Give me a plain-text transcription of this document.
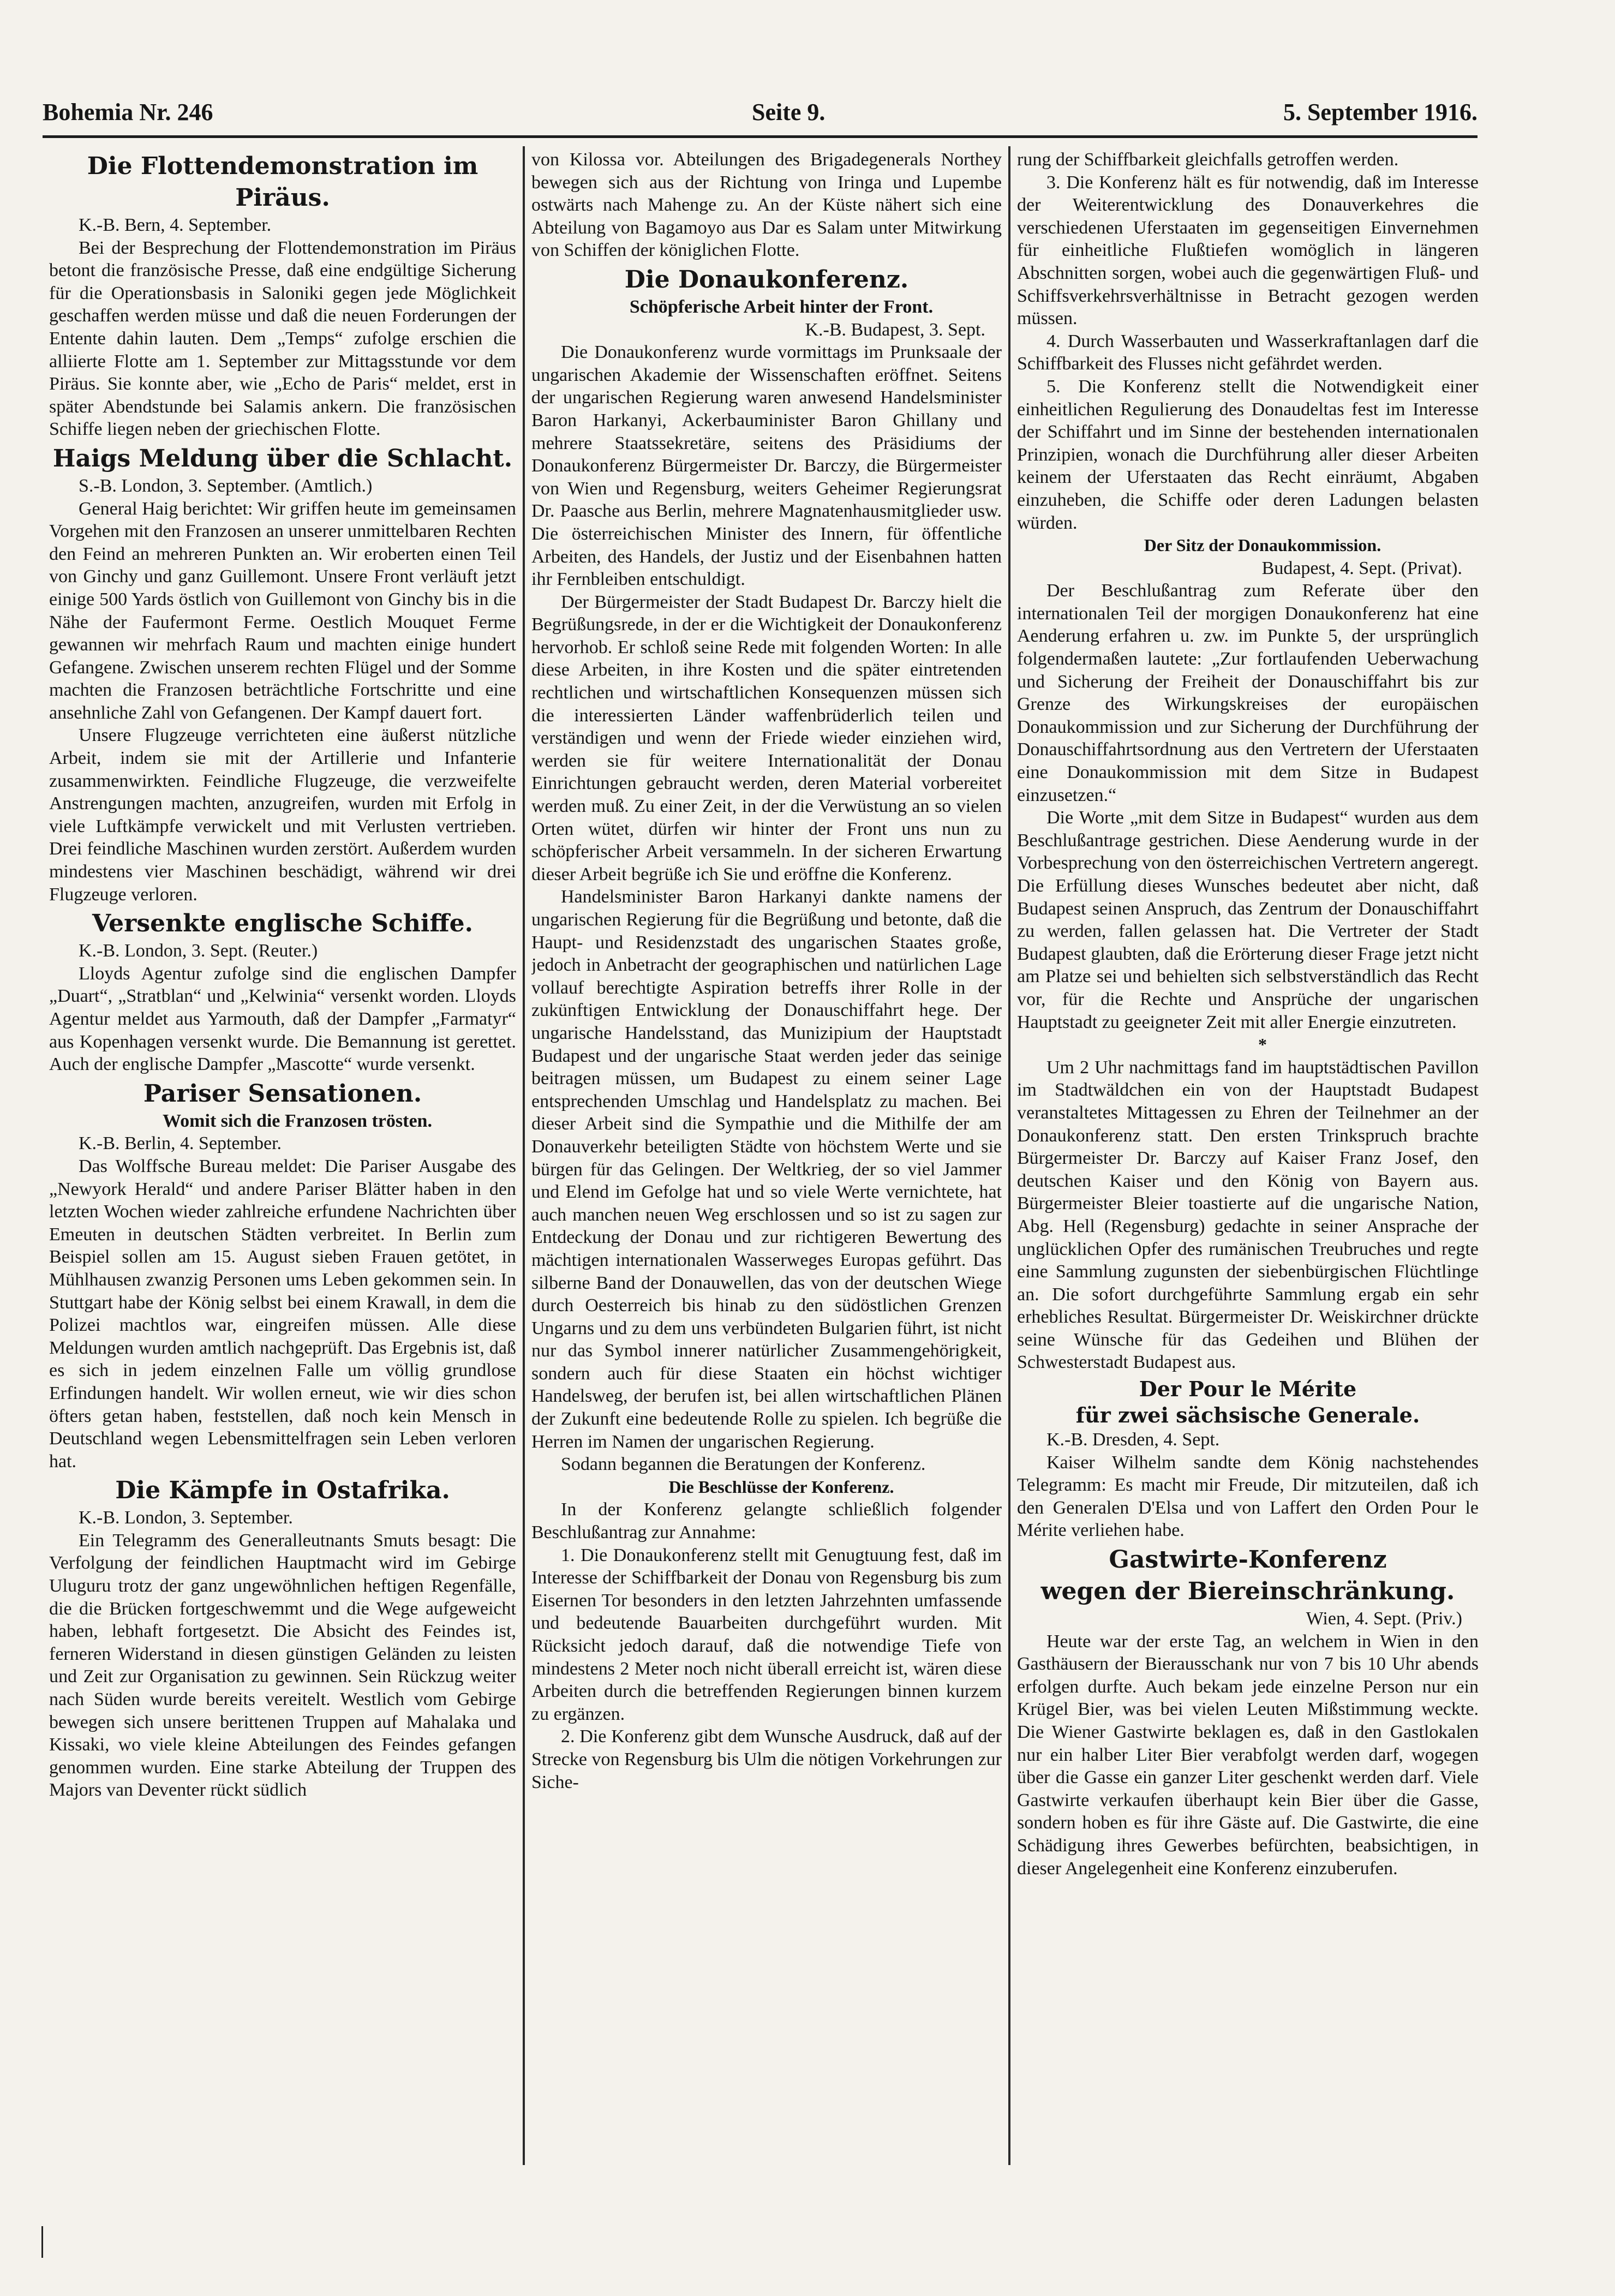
Bohemia Nr. 246	Seite 9.	5. September 1916.
Die Flottendemonstration im Piräus.

K.-B. Bern, 4. September.

Bei der Besprechung der Flottendemonstration im Piräus betont die französische Presse, daß eine endgültige Sicherung für die Operationsbasis in Saloniki gegen jede Möglichkeit geschaffen werden müsse und daß die neuen Forderungen der Entente dahin lauten. Dem „Temps“ zufolge erschien die alliierte Flotte am 1. September zur Mittagsstunde vor dem Piräus. Sie konnte aber, wie „Echo de Paris“ meldet, erst in später Abendstunde bei Salamis ankern. Die französischen Schiffe liegen neben der griechischen Flotte.

Haigs Meldung über die Schlacht.

S.-B. London, 3. September. (Amtlich.)

General Haig berichtet: Wir griffen heute im gemeinsamen Vorgehen mit den Franzosen an unserer unmittelbaren Rechten den Feind an mehreren Punkten an. Wir eroberten einen Teil von Ginchy und ganz Guillemont. Unsere Front verläuft jetzt einige 500 Yards östlich von Guillemont von Ginchy bis in die Nähe der Faufermont Ferme. Oestlich Mouquet Ferme gewannen wir mehrfach Raum und machten einige hundert Gefangene. Zwischen unserem rechten Flügel und der Somme machten die Franzosen beträchtliche Fortschritte und eine ansehnliche Zahl von Gefangenen. Der Kampf dauert fort.

Unsere Flugzeuge verrichteten eine äußerst nützliche Arbeit, indem sie mit der Artillerie und Infanterie zusammenwirkten. Feindliche Flugzeuge, die verzweifelte Anstrengungen machten, anzugreifen, wurden mit Erfolg in viele Luftkämpfe verwickelt und mit Verlusten vertrieben. Drei feindliche Maschinen wurden zerstört. Außerdem wurden mindestens vier Maschinen beschädigt, während wir drei Flugzeuge verloren.

Versenkte englische Schiffe.

K.-B. London, 3. Sept. (Reuter.)

Lloyds Agentur zufolge sind die englischen Dampfer „Duart“, „Stratblan“ und „Kelwinia“ versenkt worden. Lloyds Agentur meldet aus Yarmouth, daß der Dampfer „Farmatyr“ aus Kopenhagen versenkt wurde. Die Bemannung ist gerettet. Auch der englische Dampfer „Mascotte“ wurde versenkt.

Pariser Sensationen.

Womit sich die Franzosen trösten.

K.-B. Berlin, 4. September.

Das Wolffsche Bureau meldet: Die Pariser Ausgabe des „Newyork Herald“ und andere Pariser Blätter haben in den letzten Wochen wieder zahlreiche erfundene Nachrichten über Emeuten in deutschen Städten verbreitet. In Berlin zum Beispiel sollen am 15. August sieben Frauen getötet, in Mühlhausen zwanzig Personen ums Leben gekommen sein. In Stuttgart habe der König selbst bei einem Krawall, in dem die Polizei machtlos war, eingreifen müssen. Alle diese Meldungen wurden amtlich nachgeprüft. Das Ergebnis ist, daß es sich in jedem einzelnen Falle um völlig grundlose Erfindungen handelt. Wir wollen erneut, wie wir dies schon öfters getan haben, feststellen, daß noch kein Mensch in Deutschland wegen Lebensmittelfragen sein Leben verloren hat.

Die Kämpfe in Ostafrika.

K.-B. London, 3. September.

Ein Telegramm des Generalleutnants Smuts besagt: Die Verfolgung der feindlichen Hauptmacht wird im Gebirge Uluguru trotz der ganz ungewöhnlichen heftigen Regenfälle, die die Brücken fortgeschwemmt und die Wege aufgeweicht haben, lebhaft fortgesetzt. Die Absicht des Feindes ist, ferneren Widerstand in diesen günstigen Geländen zu leisten und Zeit zur Organisation zu gewinnen. Sein Rückzug weiter nach Süden wurde bereits vereitelt. Westlich vom Gebirge bewegen sich unsere berittenen Truppen auf Mahalaka und Kissaki, wo viele kleine Abteilungen des Feindes gefangen genommen wurden. Eine starke Abteilung der Truppen des Majors van Deventer rückt südlich

von Kilossa vor. Abteilungen des Brigadegenerals Northey bewegen sich aus der Richtung von Iringa und Lupembe ostwärts nach Mahenge zu. An der Küste nähert sich eine Abteilung von Bagamoyo aus Dar es Salam unter Mitwirkung von Schiffen der königlichen Flotte.

Die Donaukonferenz.

Schöpferische Arbeit hinter der Front.

K.-B. Budapest, 3. Sept.

Die Donaukonferenz wurde vormittags im Prunksaale der ungarischen Akademie der Wissenschaften eröffnet. Seitens der ungarischen Regierung waren anwesend Handelsminister Baron Harkanyi, Ackerbauminister Baron Ghillany und mehrere Staatssekretäre, seitens des Präsidiums der Donaukonferenz Bürgermeister Dr. Barczy, die Bürgermeister von Wien und Regensburg, weiters Geheimer Regierungsrat Dr. Paasche aus Berlin, mehrere Magnatenhausmitglieder usw. Die österreichischen Minister des Innern, für öffentliche Arbeiten, des Handels, der Justiz und der Eisenbahnen hatten ihr Fernbleiben entschuldigt.

Der Bürgermeister der Stadt Budapest Dr. Barczy hielt die Begrüßungsrede, in der er die Wichtigkeit der Donaukonferenz hervorhob. Er schloß seine Rede mit folgenden Worten: In alle diese Arbeiten, in ihre Kosten und die später eintretenden rechtlichen und wirtschaftlichen Konsequenzen müssen sich die interessierten Länder waffenbrüderlich teilen und verständigen und wenn der Friede wieder einziehen wird, werden sie für weitere Internationalität der Donau Einrichtungen gebraucht werden, deren Material vorbereitet werden muß. Zu einer Zeit, in der die Verwüstung an so vielen Orten wütet, dürfen wir hinter der Front uns nun zu schöpferischer Arbeit versammeln. In der sicheren Erwartung dieser Arbeit begrüße ich Sie und eröffne die Konferenz.

Handelsminister Baron Harkanyi dankte namens der ungarischen Regierung für die Begrüßung und betonte, daß die Haupt- und Residenzstadt des ungarischen Staates große, jedoch in Anbetracht der geographischen und natürlichen Lage vollauf berechtigte Aspiration betreffs ihrer Rolle in der zukünftigen Entwicklung der Donauschiffahrt hege. Der ungarische Handelsstand, das Munizipium der Hauptstadt Budapest und der ungarische Staat werden jeder das seinige beitragen müssen, um Budapest zu einem seiner Lage entsprechenden Umschlag und Handelsplatz zu machen. Bei dieser Arbeit sind die Sympathie und die Mithilfe der am Donauverkehr beteiligten Städte von höchstem Werte und sie bürgen für das Gelingen. Der Weltkrieg, der so viel Jammer und Elend im Gefolge hat und so viele Werte vernichtete, hat auch manchen neuen Weg erschlossen und so ist zu sagen zur Entdeckung der Donau und zur richtigeren Bewertung des mächtigen internationalen Wasserweges Europas geführt. Das silberne Band der Donauwellen, das von der deutschen Wiege durch Oesterreich bis hinab zu den südöstlichen Grenzen Ungarns und zu dem uns verbündeten Bulgarien führt, ist nicht nur das Symbol innerer natürlicher Zusammengehörigkeit, sondern auch für diese Staaten ein höchst wichtiger Handelsweg, der berufen ist, bei allen wirtschaftlichen Plänen der Zukunft eine bedeutende Rolle zu spielen. Ich begrüße die Herren im Namen der ungarischen Regierung.

Sodann begannen die Beratungen der Konferenz.

Die Beschlüsse der Konferenz.

In der Konferenz gelangte schließlich folgender Beschlußantrag zur Annahme:

1. Die Donaukonferenz stellt mit Genugtuung fest, daß im Interesse der Schiffbarkeit der Donau von Regensburg bis zum Eisernen Tor besonders in den letzten Jahrzehnten umfassende und bedeutende Bauarbeiten durchgeführt wurden. Mit Rücksicht jedoch darauf, daß die notwendige Tiefe von mindestens 2 Meter noch nicht überall erreicht ist, wären diese Arbeiten durch die betreffenden Regierungen binnen kurzem zu ergänzen.

2. Die Konferenz gibt dem Wunsche Ausdruck, daß auf der Strecke von Regensburg bis Ulm die nötigen Vorkehrungen zur Siche-

rung der Schiffbarkeit gleichfalls getroffen werden.

3. Die Konferenz hält es für notwendig, daß im Interesse der Weiterentwicklung des Donauverkehres die verschiedenen Uferstaaten im gegenseitigen Einvernehmen für einheitliche Flußtiefen womöglich in längeren Abschnitten sorgen, wobei auch die gegenwärtigen Fluß- und Schiffsverkehrsverhältnisse in Betracht gezogen werden müssen.

4. Durch Wasserbauten und Wasserkraftanlagen darf die Schiffbarkeit des Flusses nicht gefährdet werden.

5. Die Konferenz stellt die Notwendigkeit einer einheitlichen Regulierung des Donaudeltas fest im Interesse der Schiffahrt und im Sinne der bestehenden internationalen Prinzipien, wonach die Durchführung aller dieser Arbeiten keinem der Uferstaaten das Recht einräumt, Abgaben einzuheben, die Schiffe oder deren Ladungen belasten würden.

Der Sitz der Donaukommission.

Budapest, 4. Sept. (Privat).

Der Beschlußantrag zum Referate über den internationalen Teil der morgigen Donaukonferenz hat eine Aenderung erfahren u. zw. im Punkte 5, der ursprünglich folgendermaßen lautete: „Zur fortlaufenden Ueberwachung und Sicherung der Freiheit der Donauschiffahrt bis zur Grenze des Wirkungskreises der europäischen Donaukommission und zur Sicherung der Durchführung der Donauschiffahrtsordnung aus den Vertretern der Uferstaaten eine Donaukommission mit dem Sitze in Budapest einzusetzen.“

Die Worte „mit dem Sitze in Budapest“ wurden aus dem Beschlußantrage gestrichen. Diese Aenderung wurde in der Vorbesprechung von den österreichischen Vertretern angeregt. Die Erfüllung dieses Wunsches bedeutet aber nicht, daß Budapest seinen Anspruch, das Zentrum der Donauschiffahrt zu werden, fallen gelassen hat. Die Vertreter der Stadt Budapest glaubten, daß die Erörterung dieser Frage jetzt nicht am Platze sei und behielten sich selbstverständlich das Recht vor, für die Rechte und Ansprüche der ungarischen Hauptstadt zu geeigneter Zeit mit aller Energie einzutreten.

*

Um 2 Uhr nachmittags fand im hauptstädtischen Pavillon im Stadtwäldchen ein von der Hauptstadt Budapest veranstaltetes Mittagessen zu Ehren der Teilnehmer an der Donaukonferenz statt. Den ersten Trinkspruch brachte Bürgermeister Dr. Barczy auf Kaiser Franz Josef, den deutschen Kaiser und den König von Bayern aus. Bürgermeister Bleier toastierte auf die ungarische Nation, Abg. Hell (Regensburg) gedachte in seiner Ansprache der unglücklichen Opfer des rumänischen Treubruches und regte eine Sammlung zugunsten der siebenbürgischen Flüchtlinge an. Die sofort durchgeführte Sammlung ergab ein sehr erhebliches Resultat. Bürgermeister Dr. Weiskirchner drückte seine Wünsche für das Gedeihen und Blühen der Schwesterstadt Budapest aus.

Der Pour le Mérite
für zwei sächsische Generale.

K.-B. Dresden, 4. Sept.

Kaiser Wilhelm sandte dem König nachstehendes Telegramm: Es macht mir Freude, Dir mitzuteilen, daß ich den Generalen D'Elsa und von Laffert den Orden Pour le Mérite verliehen habe.

Gastwirte-Konferenz
wegen der Biereinschränkung.

Wien, 4. Sept. (Priv.)

Heute war der erste Tag, an welchem in Wien in den Gasthäusern der Bierausschank nur von 7 bis 10 Uhr abends erfolgen durfte. Auch bekam jede einzelne Person nur ein Krügel Bier, was bei vielen Leuten Mißstimmung weckte. Die Wiener Gastwirte beklagen es, daß in den Gastlokalen nur ein halber Liter Bier verabfolgt werden darf, wogegen über die Gasse ein ganzer Liter geschenkt werden darf. Viele Gastwirte verkaufen überhaupt kein Bier über die Gasse, sondern hoben es für ihre Gäste auf. Die Gastwirte, die eine Schädigung ihres Gewerbes befürchten, beabsichtigen, in dieser Angelegenheit eine Konferenz einzuberufen.
